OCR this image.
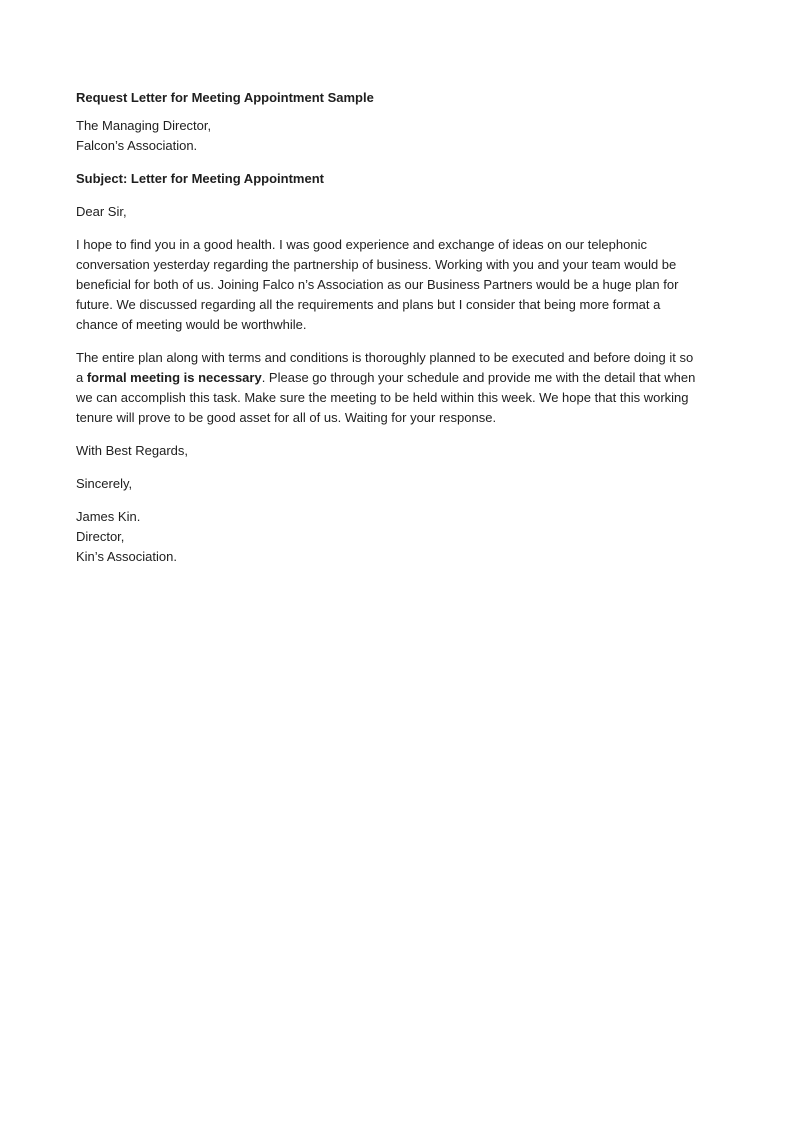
Request Letter for Meeting Appointment Sample
The Managing Director,
Falcon’s Association.
Subject: Letter for Meeting Appointment
Dear Sir,
I hope to find you in a good health. I was good experience and exchange of ideas on our telephonic
conversation yesterday regarding the partnership of business. Working with you and your team would be
beneficial for both of us. Joining Falco n’s Association as our Business Partners would be a huge plan for
future. We discussed regarding all the requirements and plans but I consider that being more format a
chance of meeting would be worthwhile.
The entire plan along with terms and conditions is thoroughly planned to be executed and before doing it so
a formal meeting is necessary. Please go through your schedule and provide me with the detail that when
we can accomplish this task. Make sure the meeting to be held within this week. We hope that this working
tenure will prove to be good asset for all of us. Waiting for your response.
With Best Regards,
Sincerely,
James Kin.
Director,
Kin’s Association.
